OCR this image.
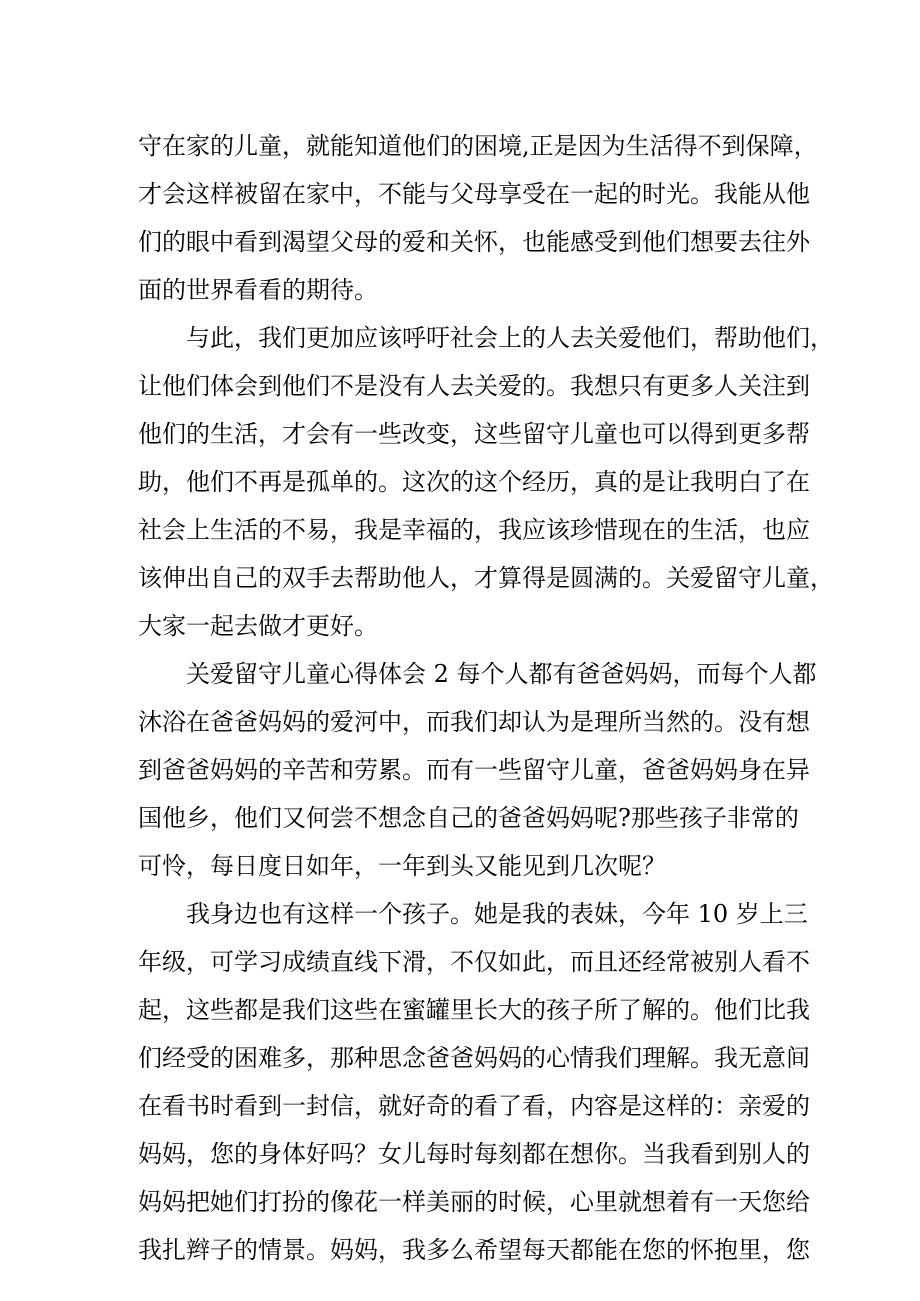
守在家的儿童，就能知道他们的困境,正是因为生活得不到保障，
才会这样被留在家中，不能与父母享受在一起的时光。我能从他
们的眼中看到渴望父母的爱和关怀，也能感受到他们想要去往外
面的世界看看的期待。
与此，我们更加应该呼吁社会上的人去关爱他们，帮助他们，
让他们体会到他们不是没有人去关爱的。我想只有更多人关注到
他们的生活，才会有一些改变，这些留守儿童也可以得到更多帮
助，他们不再是孤单的。这次的这个经历，真的是让我明白了在
社会上生活的不易，我是幸福的，我应该珍惜现在的生活，也应
该伸出自己的双手去帮助他人，才算得是圆满的。关爱留守儿童，
大家一起去做才更好。
关爱留守儿童心得体会 2 每个人都有爸爸妈妈，而每个人都
沐浴在爸爸妈妈的爱河中，而我们却认为是理所当然的。没有想
到爸爸妈妈的辛苦和劳累。而有一些留守儿童，爸爸妈妈身在异
国他乡，他们又何尝不想念自己的爸爸妈妈呢?那些孩子非常的
可怜，每日度日如年，一年到头又能见到几次呢？
我身边也有这样一个孩子。她是我的表妹，今年 10 岁上三
年级，可学习成绩直线下滑，不仅如此，而且还经常被别人看不
起，这些都是我们这些在蜜罐里长大的孩子所了解的。他们比我
们经受的困难多，那种思念爸爸妈妈的心情我们理解。我无意间
在看书时看到一封信，就好奇的看了看，内容是这样的：亲爱的
妈妈，您的身体好吗？女儿每时每刻都在想你。当我看到别人的
妈妈把她们打扮的像花一样美丽的时候，心里就想着有一天您给
我扎辫子的情景。妈妈，我多么希望每天都能在您的怀抱里，您
